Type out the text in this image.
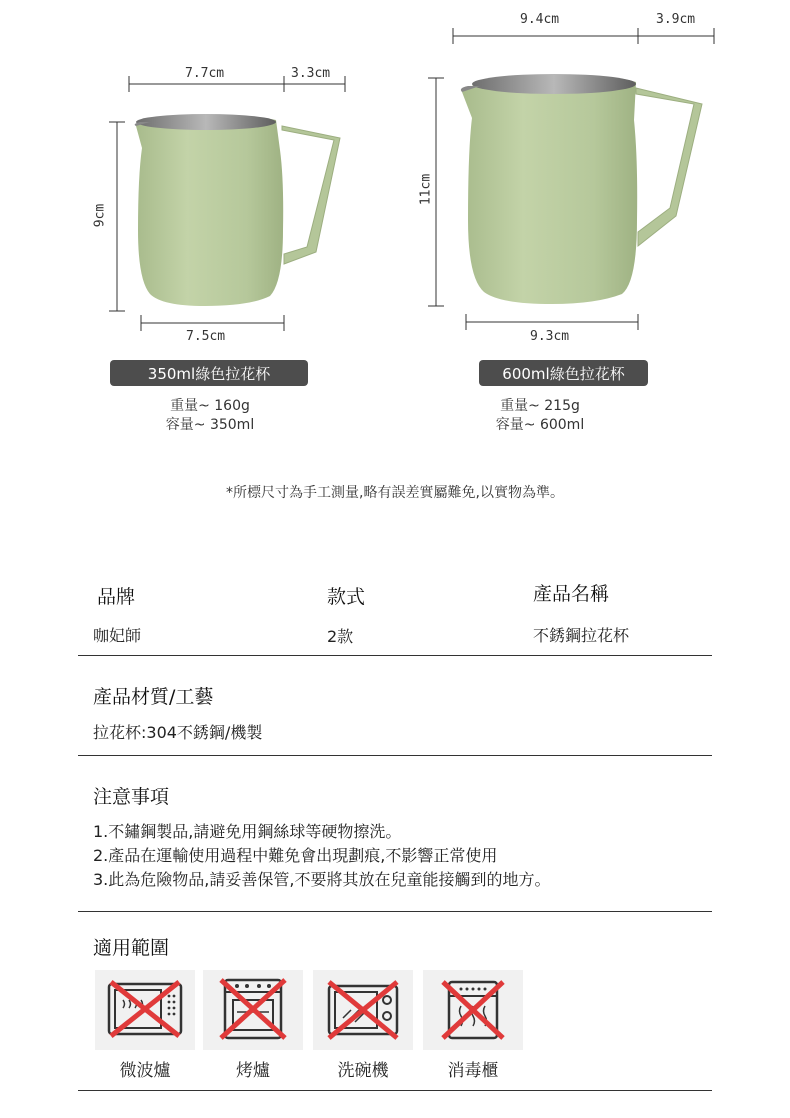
7.7cm	3.3cm
9cm
7.5cm
9.4cm	3.9cm
11cm
9.3cm
350ml綠色拉花杯	600ml綠色拉花杯
重量~ 160g
容量~ 350ml
重量~ 215g
容量~ 600ml
*所標尺寸為手工測量,略有誤差實屬難免,以實物為準。
品牌	款式	產品名稱
咖妃師	2款	不銹鋼拉花杯
產品材質/工藝
拉花杯:304不銹鋼/機製
注意事項
1.不鏽鋼製品,請避免用鋼絲球等硬物擦洗。
2.產品在運輸使用過程中難免會出現劃痕,不影響正常使用
3.此為危險物品,請妥善保管,不要將其放在兒童能接觸到的地方。
適用範圍
微波爐	烤爐	洗碗機	消毒櫃
